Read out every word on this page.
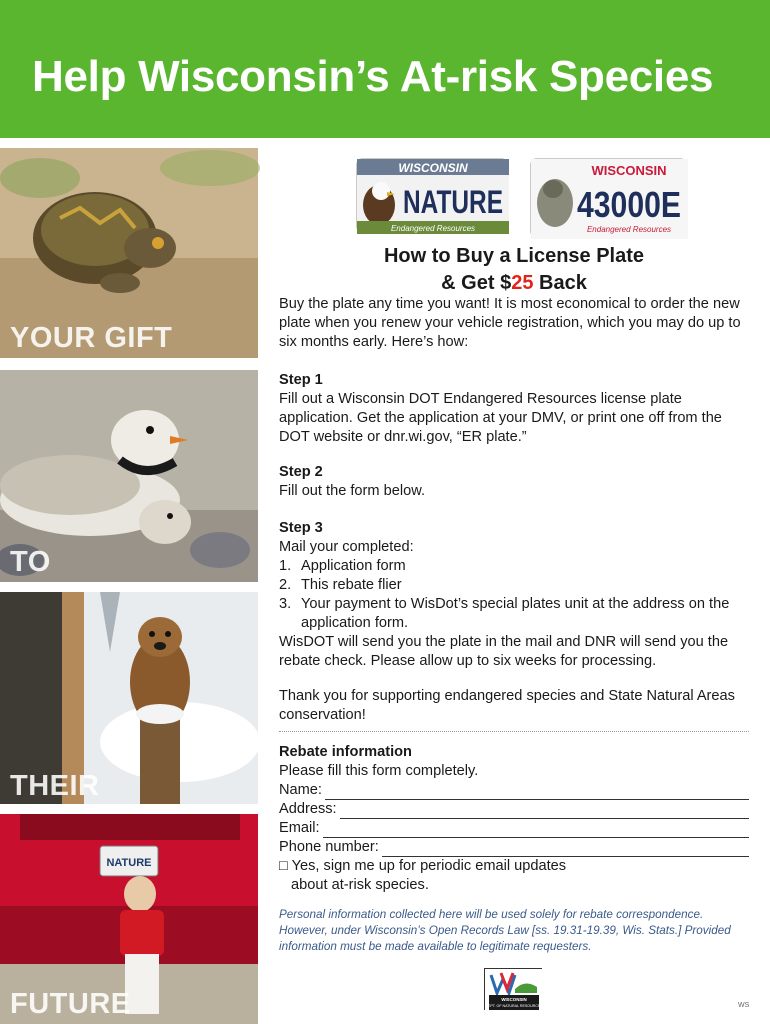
Help Wisconsin’s At-risk Species
YOUR GIFT
TO
THEIR
NATURE
FUTURE
WISCONSIN
NATURE
Endangered Resources
WISCONSIN
43000E
Endangered Resources
How to Buy a License Plate
& Get $25 Back
Buy the plate any time you want! It is most economical to order the new plate when you renew your vehicle registration, which you may do up to six months early. Here’s how:
Step 1
Fill out a Wisconsin DOT Endangered Resources license plate application. Get the application at your DMV, or print one off from the DOT website or dnr.wi.gov, “ER plate.”
Step 2
Fill out the form below.
Step 3
Mail your completed:
1. Application form
2. This rebate flier
3. Your payment to WisDot’s special plates unit at the address on the application form.
WisDOT will send you the plate in the mail and DNR will send you the rebate check. Please allow up to six weeks for processing.
Thank you for supporting endangered species and State Natural Areas conservation!
Rebate information
Please fill this form completely.
Name:
Address:
Email:
Phone number:
□ Yes, sign me up for periodic email updates
about at-risk species.
Personal information collected here will be used solely for rebate correspondence. However, under Wisconsin’s Open Records Law [ss. 19.31-19.39, Wis. Stats.] Provided information must be made available to legitimate requesters.
WISCONSIN
DEPT. OF NATURAL RESOURCES	WS
